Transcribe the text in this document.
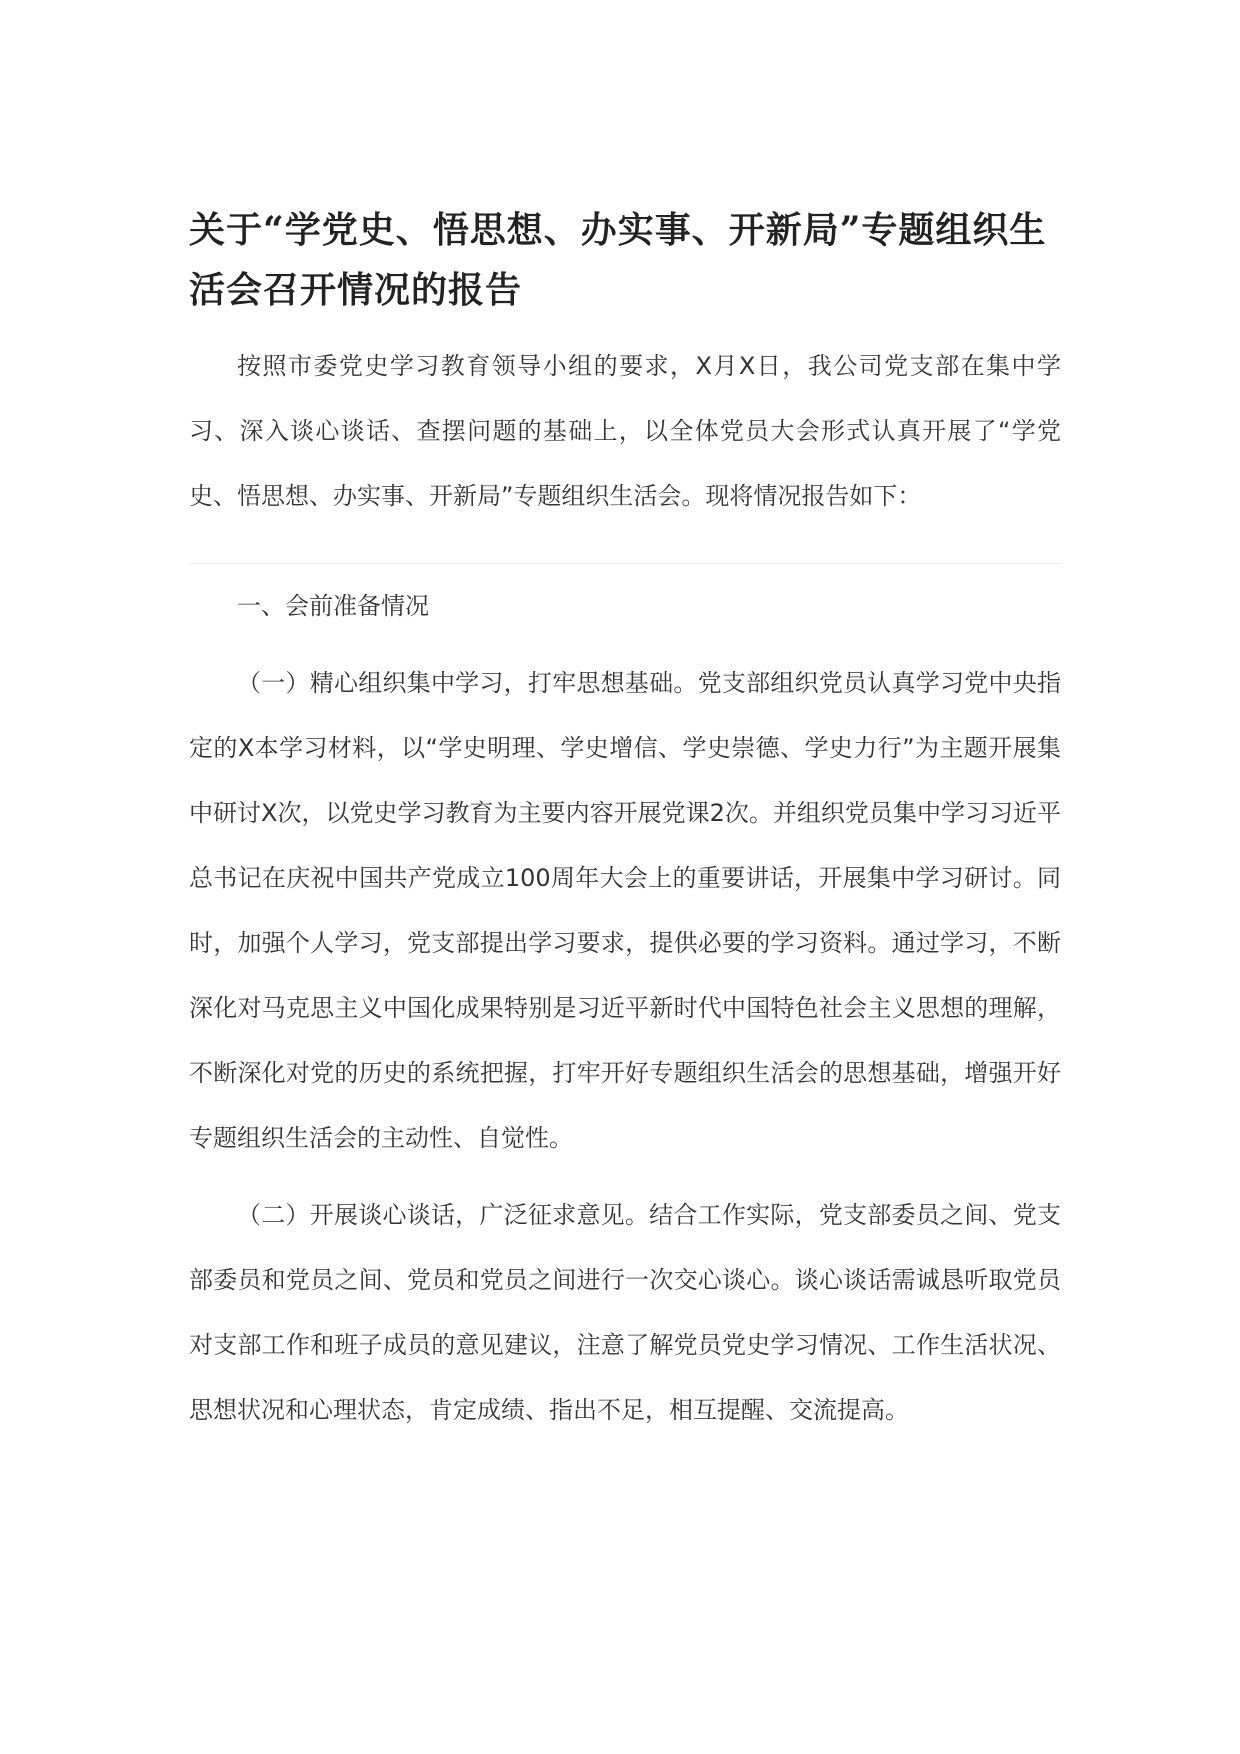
关于“学党史、悟思想、办实事、开新局”专题组织生活会召开情况的报告

按照市委党史学习教育领导小组的要求，X月X日，我公司党支部在集中学习、深入谈心谈话、查摆问题的基础上，以全体党员大会形式认真开展了“学党史、悟思想、办实事、开新局”专题组织生活会。现将情况报告如下：

一、会前准备情况

（一）精心组织集中学习，打牢思想基础。党支部组织党员认真学习党中央指定的X本学习材料，以“学史明理、学史增信、学史崇德、学史力行”为主题开展集中研讨X次，以党史学习教育为主要内容开展党课2次。并组织党员集中学习习近平总书记在庆祝中国共产党成立100周年大会上的重要讲话，开展集中学习研讨。同时，加强个人学习，党支部提出学习要求，提供必要的学习资料。通过学习，不断深化对马克思主义中国化成果特别是习近平新时代中国特色社会主义思想的理解，不断深化对党的历史的系统把握，打牢开好专题组织生活会的思想基础，增强开好专题组织生活会的主动性、自觉性。

（二）开展谈心谈话，广泛征求意见。结合工作实际，党支部委员之间、党支部委员和党员之间、党员和党员之间进行一次交心谈心。谈心谈话需诚恳听取党员对支部工作和班子成员的意见建议，注意了解党员党史学习情况、工作生活状况、思想状况和心理状态，肯定成绩、指出不足，相互提醒、交流提高。
